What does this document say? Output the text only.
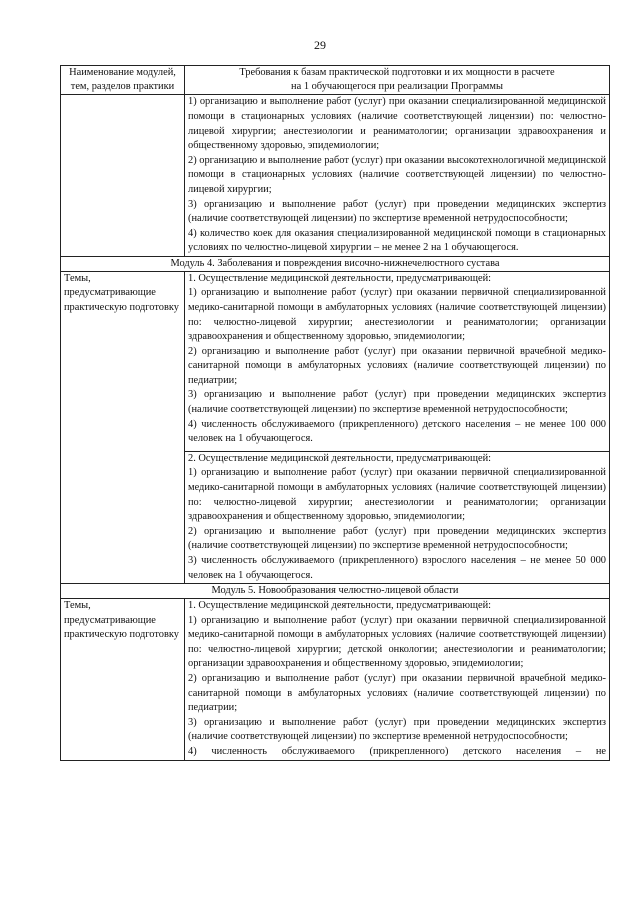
29
Наименование модулей, тем, разделов практики	Требования к базам практической подготовки и их мощности в расчете
на 1 обучающегося при реализации Программы

	1) организацию и выполнение работ (услуг) при оказании специализированной медицинской помощи в стационарных условиях (наличие соответствующей лицензии) по: челюстно-лицевой хирургии; анестезиологии и реаниматологии; организации здравоохранения и общественному здоровью, эпидемиологии;

2) организацию и выполнение работ (услуг) при оказании высокотехнологичной медицинской помощи в стационарных условиях (наличие соответствующей лицензии) по челюстно-лицевой хирургии;

3) организацию и выполнение работ (услуг) при проведении медицинских экспертиз (наличие соответствующей лицензии) по экспертизе временной нетрудоспособности;

4) количество коек для оказания специализированной медицинской помощи в стационарных условиях по челюстно-лицевой хирургии – не менее 2 на 1 обучающегося.

Модуль 4. Заболевания и повреждения височно-нижнечелюстного сустава	
Темы, предусматривающие практическую подготовку	1. Осуществление медицинской деятельности, предусматривающей:

1) организацию и выполнение работ (услуг) при оказании первичной специализированной медико-санитарной помощи в амбулаторных условиях (наличие соответствующей лицензии) по: челюстно-лицевой хирургии; анестезиологии и реаниматологии; организации здравоохранения и общественному здоровью, эпидемиологии;

2) организацию и выполнение работ (услуг) при оказании первичной врачебной медико-санитарной помощи в амбулаторных условиях (наличие соответствующей лицензии) по педиатрии;

3) организацию и выполнение работ (услуг) при проведении медицинских экспертиз (наличие соответствующей лицензии) по экспертизе временной нетрудоспособности;

4) численность обслуживаемого (прикрепленного) детского населения – не менее 100 000 человек на 1 обучающегося.

	2. Осуществление медицинской деятельности, предусматривающей:

1) организацию и выполнение работ (услуг) при оказании первичной специализированной медико-санитарной помощи в амбулаторных условиях (наличие соответствующей лицензии) по: челюстно-лицевой хирургии; анестезиологии и реаниматологии; организации здравоохранения и общественному здоровью, эпидемиологии;

2) организацию и выполнение работ (услуг) при проведении медицинских экспертиз (наличие соответствующей лицензии) по экспертизе временной нетрудоспособности;

3) численность обслуживаемого (прикрепленного) взрослого населения – не менее 50 000 человек на 1 обучающегося.

Модуль 5. Новообразования челюстно-лицевой области	
Темы, предусматривающие практическую подготовку	1. Осуществление медицинской деятельности, предусматривающей:

1) организацию и выполнение работ (услуг) при оказании первичной специализированной медико-санитарной помощи в амбулаторных условиях (наличие соответствующей лицензии) по: челюстно-лицевой хирургии; детской онкологии; анестезиологии и реаниматологии; организации здравоохранения и общественному здоровью, эпидемиологии;

2) организацию и выполнение работ (услуг) при оказании первичной врачебной медико-санитарной помощи в амбулаторных условиях (наличие соответствующей лицензии) по педиатрии;

3) организацию и выполнение работ (услуг) при проведении медицинских экспертиз (наличие соответствующей лицензии) по экспертизе временной нетрудоспособности;

4) численность обслуживаемого (прикрепленного) детского населения – не
